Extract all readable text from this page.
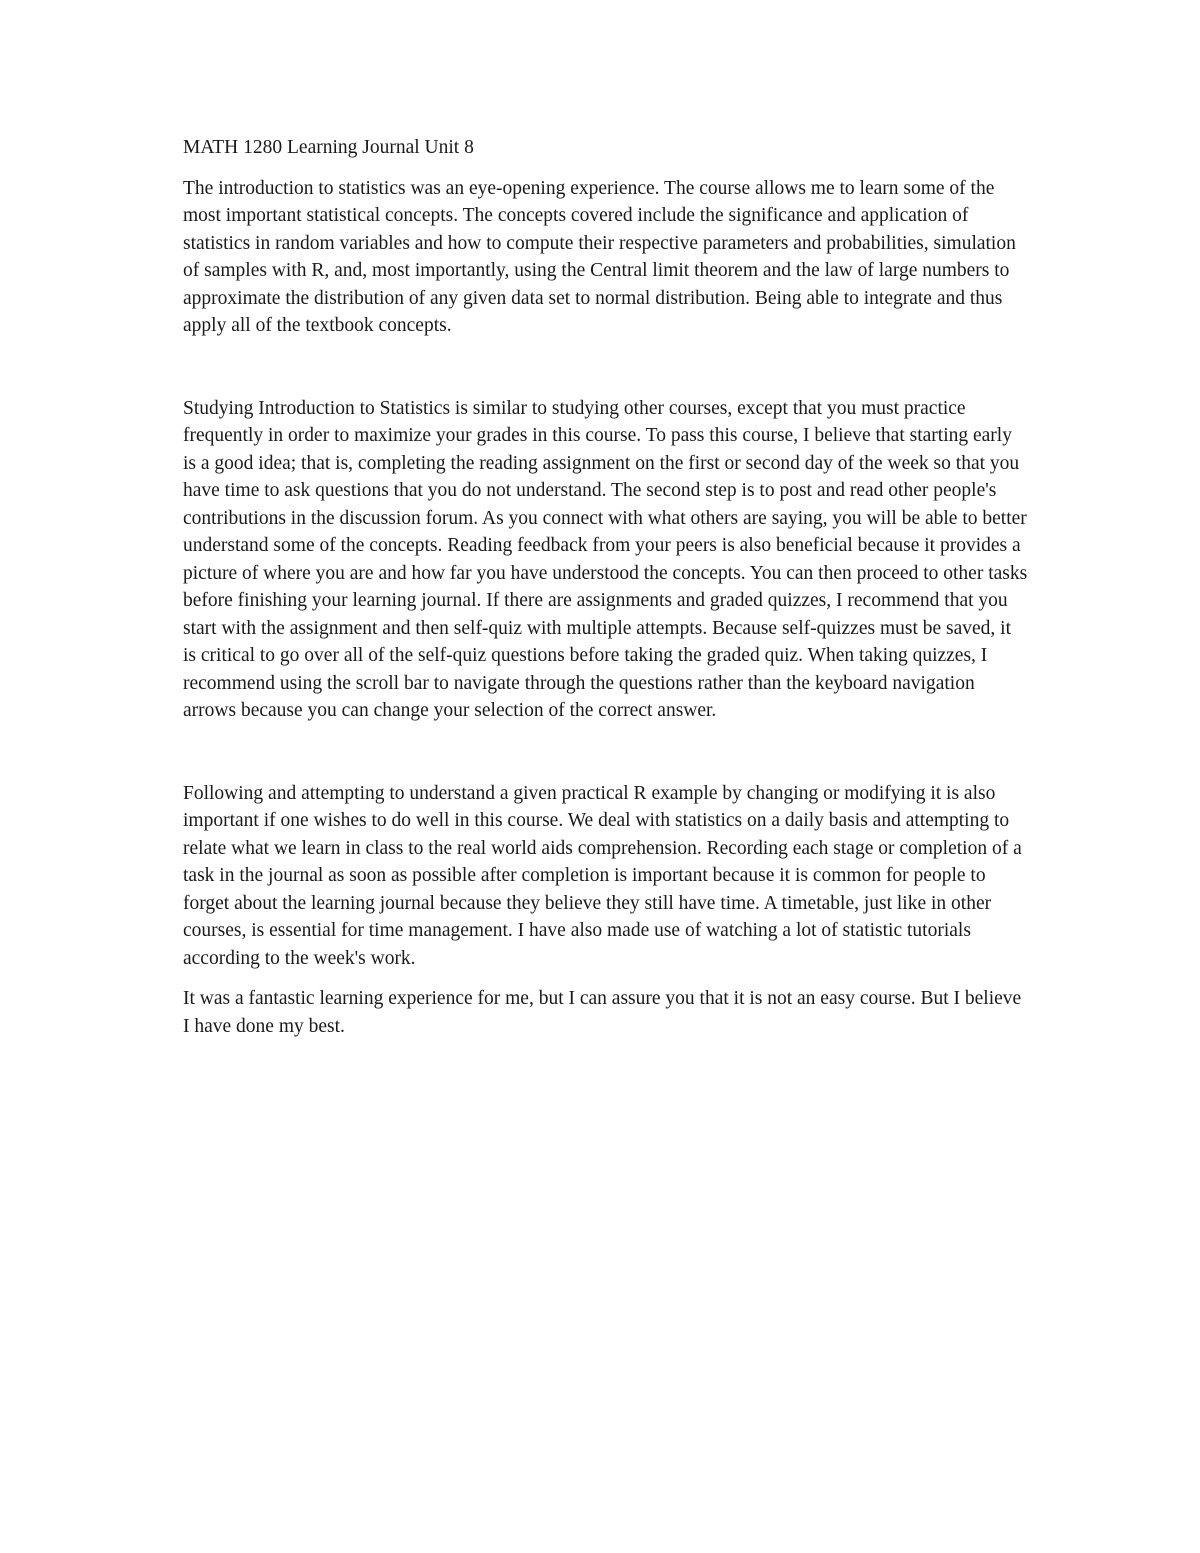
MATH 1280 Learning Journal Unit 8

The introduction to statistics was an eye-opening experience. The course allows me to learn some of the most important statistical concepts. The concepts covered include the significance and application of statistics in random variables and how to compute their respective parameters and probabilities, simulation of samples with R, and, most importantly, using the Central limit theorem and the law of large numbers to approximate the distribution of any given data set to normal distribution. Being able to integrate and thus apply all of the textbook concepts.

Studying Introduction to Statistics is similar to studying other courses, except that you must practice frequently in order to maximize your grades in this course. To pass this course, I believe that starting early is a good idea; that is, completing the reading assignment on the first or second day of the week so that you have time to ask questions that you do not understand. The second step is to post and read other people's contributions in the discussion forum. As you connect with what others are saying, you will be able to better understand some of the concepts. Reading feedback from your peers is also beneficial because it provides a picture of where you are and how far you have understood the concepts. You can then proceed to other tasks before finishing your learning journal. If there are assignments and graded quizzes, I recommend that you start with the assignment and then self-quiz with multiple attempts. Because self-quizzes must be saved, it is critical to go over all of the self-quiz questions before taking the graded quiz. When taking quizzes, I recommend using the scroll bar to navigate through the questions rather than the keyboard navigation arrows because you can change your selection of the correct answer.

Following and attempting to understand a given practical R example by changing or modifying it is also important if one wishes to do well in this course. We deal with statistics on a daily basis and attempting to relate what we learn in class to the real world aids comprehension. Recording each stage or completion of a task in the journal as soon as possible after completion is important because it is common for people to forget about the learning journal because they believe they still have time. A timetable, just like in other courses, is essential for time management. I have also made use of watching a lot of statistic tutorials according to the week's work.

It was a fantastic learning experience for me, but I can assure you that it is not an easy course. But I believe I have done my best.
